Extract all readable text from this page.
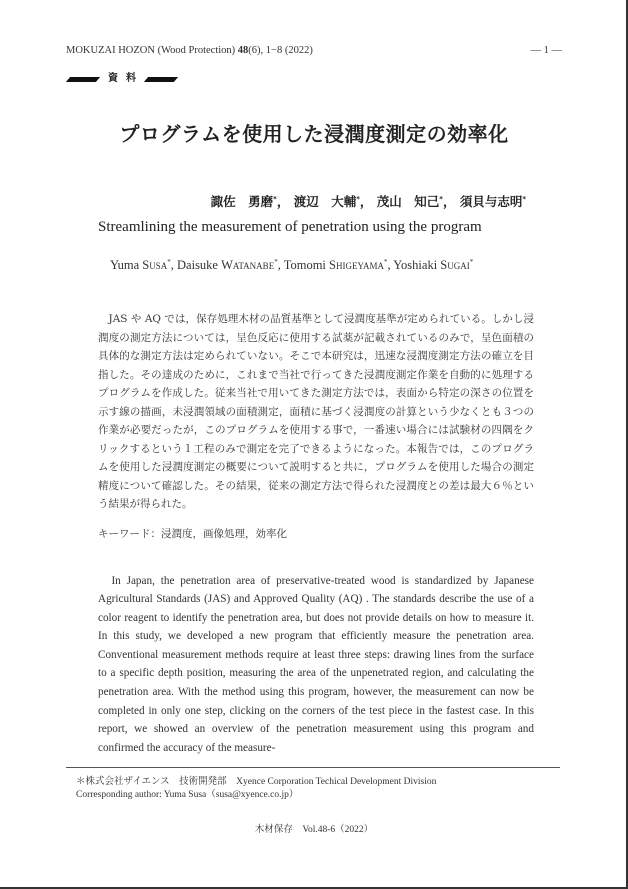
MOKUZAI HOZON (Wood Protection) 48(6), 1−8 (2022)	— 1 —
資料
プログラムを使用した浸潤度測定の効率化
諏佐　勇磨*， 渡辺　大輔*， 茂山　知己*， 須貝与志明*
Streamlining the measurement of penetration using the program
Yuma Susa*, Daisuke Watanabe*, Tomomi Shigeyama*, Yoshiaki Sugai*

JAS や AQ では，保存処理木材の品質基準として浸潤度基準が定められている。しかし浸潤度の測定方法については，呈色反応に使用する試薬が記載されているのみで，呈色面積の具体的な測定方法は定められていない。そこで本研究は，迅速な浸潤度測定方法の確立を目指した。その達成のために，これまで当社で行ってきた浸潤度測定作業を自動的に処理するプログラムを作成した。従来当社で用いてきた測定方法では，表面から特定の深さの位置を示す線の描画，未浸潤領域の面積測定，面積に基づく浸潤度の計算という少なくとも３つの作業が必要だったが，このプログラムを使用する事で，一番速い場合には試験材の四隅をクリックするという１工程のみで測定を完了できるようになった。本報告では，このプログラムを使用した浸潤度測定の概要について説明すると共に，プログラムを使用した場合の測定精度について確認した。その結果，従来の測定方法で得られた浸潤度との差は最大６％という結果が得られた。

キーワード：浸潤度，画像処理，効率化

In Japan, the penetration area of preservative-treated wood is standardized by Japanese Agricultural Standards (JAS) and Approved Quality (AQ) . The standards describe the use of a color reagent to identify the penetration area, but does not provide details on how to measure it. In this study, we developed a new program that efficiently measure the penetration area. Conventional measurement methods require at least three steps: drawing lines from the surface to a specific depth position, measuring the area of the unpenetrated region, and calculating the penetration area. With the method using this program, however, the measurement can now be completed in only one step, clicking on the corners of the test piece in the fastest case. In this report, we showed an overview of the penetration measurement using this program and confirmed the accuracy of the measure-

＊株式会社ザイエンス　技術開発部　Xyence Corporation Techical Development Division
Corresponding author: Yuma Susa（susa@xyence.co.jp）
木材保存　Vol.48-6（2022）
